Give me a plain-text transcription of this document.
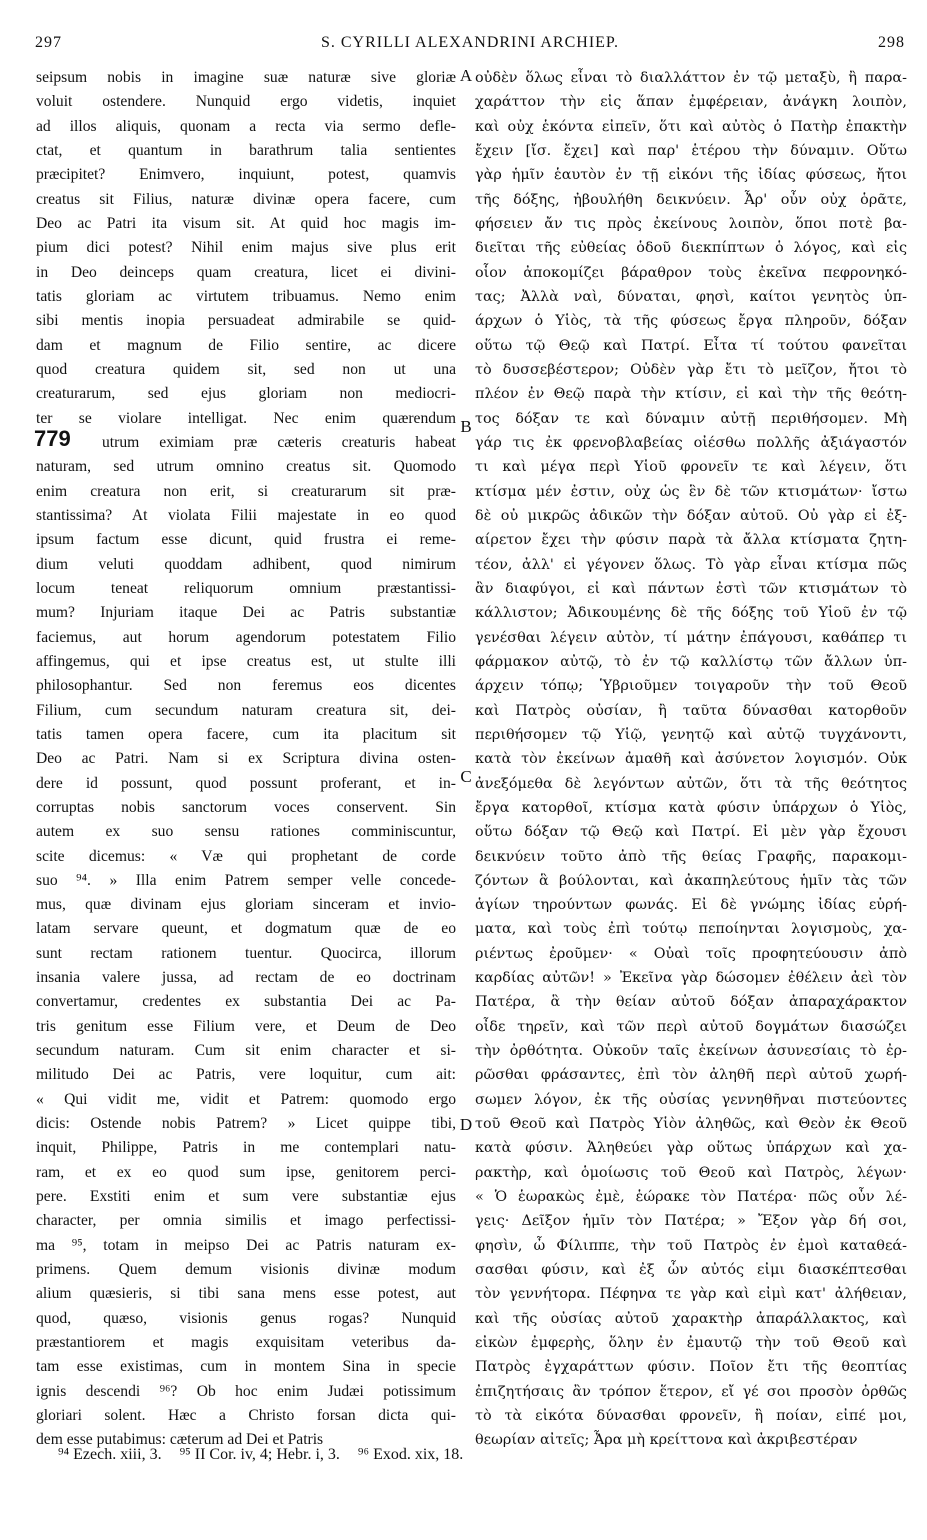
297	S. CYRILLI ALEXANDRINI ARCHIEP.	298
seipsum nobis in imagine suæ naturæ sive gloriæ
voluit ostendere. Nunquid ergo videtis, inquiet
ad illos aliquis, quonam a recta via sermo defle-
ctat, et quantum in barathrum talia sentientes
præcipitet? Enimvero, inquiunt, potest, quamvis
creatus sit Filius, naturæ divinæ opera facere, cum
Deo ac Patri ita visum sit. At quid hoc magis im-
pium dici potest? Nihil enim majus sive plus erit
in Deo deinceps quam creatura, licet ei divini-
tatis gloriam ac virtutem tribuamus. Nemo enim
sibi mentis inopia persuadeat admirabile se quid-
dam et magnum de Filio sentire, ac dicere
quod creatura quidem sit, sed non ut una
creaturarum, sed ejus gloriam non mediocri-
ter se violare intelligat. Nec enim quærendum
utrum eximiam præ cæteris creaturis habeat
naturam, sed utrum omnino creatus sit. Quomodo
enim creatura non erit, si creaturarum sit præ-
stantissima? At violata Filii majestate in eo quod
ipsum factum esse dicunt, quid frustra ei reme-
dium veluti quoddam adhibent, quod nimirum
locum teneat reliquorum omnium præstantissi-
mum? Injuriam itaque Dei ac Patris substantiæ
faciemus, aut horum agendorum potestatem Filio
affingemus, qui et ipse creatus est, ut stulte illi
philosophantur. Sed non feremus eos dicentes
Filium, cum secundum naturam creatura sit, dei-
tatis tamen opera facere, cum ita placitum sit
Deo ac Patri. Nam si ex Scriptura divina osten-
dere id possunt, quod possunt proferant, et in-
corruptas nobis sanctorum voces conservent. Sin
autem ex suo sensu rationes comminiscuntur,
scite dicemus: « Væ qui prophetant de corde
suo ⁹⁴. » Illa enim Patrem semper velle concede-
mus, quæ divinam ejus gloriam sinceram et invio-
latam servare queunt, et dogmatum quæ de eo
sunt rectam rationem tuentur. Quocirca, illorum
insania valere jussa, ad rectam de eo doctrinam
convertamur, credentes ex substantia Dei ac Pa-
tris genitum esse Filium vere, et Deum de Deo
secundum naturam. Cum sit enim character et si-
militudo Dei ac Patris, vere loquitur, cum ait:
« Qui vidit me, vidit et Patrem: quomodo ergo
dicis: Ostende nobis Patrem? » Licet quippe tibi,
inquit, Philippe, Patris in me contemplari natu-
ram, et ex eo quod sum ipse, genitorem perci-
pere. Exstiti enim et sum vere substantiæ ejus
character, per omnia similis et imago perfectissi-
ma ⁹⁵, totam in meipso Dei ac Patris naturam ex-
primens. Quem demum visionis divinæ modum
alium quæsieris, si tibi sana mens esse potest, aut
quod, quæso, visionis genus rogas? Nunquid
præstantiorem et magis exquisitam veteribus da-
tam esse existimas, cum in montem Sina in specie
ignis descendi ⁹⁶? Ob hoc enim Judæi potissimum
gloriari solent. Hæc a Christo forsan dicta qui-
dem esse putabimus: cæterum ad Dei et Patris
οὐδὲν ὅλως εἶναι τὸ διαλλάττον ἐν τῷ μεταξὺ, ἢ παρα-
χαράττον τὴν εἰς ἅπαν ἐμφέρειαν, ἀνάγκη λοιπὸν,
καὶ οὐχ ἑκόντα εἰπεῖν, ὅτι καὶ αὐτὸς ὁ Πατὴρ ἐπακτὴν
ἔχειν [ἴσ. ἔχει] καὶ παρ' ἑτέρου τὴν δύναμιν. Οὕτω
γὰρ ἡμῖν ἑαυτὸν ἐν τῇ εἰκόνι τῆς ἰδίας φύσεως, ἤτοι
τῆς δόξης, ἠβουλήθη δεικνύειν. Ἆρ' οὖν οὐχ ὁρᾶτε,
φήσειεν ἄν τις πρὸς ἐκείνους λοιπὸν, ὅποι ποτὲ βα-
διεῖται τῆς εὐθείας ὁδοῦ διεκπίπτων ὁ λόγος, καὶ εἰς
οἷον ἀποκομίζει βάραθρον τοὺς ἐκεῖνα πεφρονηκό-
τας; Ἀλλὰ ναὶ, δύναται, φησὶ, καίτοι γενητὸς ὑπ-
άρχων ὁ Υἱὸς, τὰ τῆς φύσεως ἔργα πληροῦν, δόξαν
οὕτω τῷ Θεῷ καὶ Πατρί. Εἶτα τί τούτου φανεῖται
τὸ δυσσεβέστερον; Οὐδὲν γὰρ ἔτι τὸ μεῖζον, ἤτοι τὸ
πλέον ἐν Θεῷ παρὰ τὴν κτίσιν, εἰ καὶ τὴν τῆς θεότη-
τος δόξαν τε καὶ δύναμιν αὐτῇ περιθήσομεν. Μὴ
γάρ τις ἐκ φρενοβλαβείας οἰέσθω πολλῆς ἀξιάγαστόν
τι καὶ μέγα περὶ Υἱοῦ φρονεῖν τε καὶ λέγειν, ὅτι
κτίσμα μέν ἐστιν, οὐχ ὡς ἓν δὲ τῶν κτισμάτων· ἴστω
δὲ οὐ μικρῶς ἀδικῶν τὴν δόξαν αὐτοῦ. Οὐ γὰρ εἰ ἐξ-
αίρετον ἔχει τὴν φύσιν παρὰ τὰ ἄλλα κτίσματα ζητη-
τέον, ἀλλ' εἰ γέγονεν ὅλως. Τὸ γὰρ εἶναι κτίσμα πῶς
ἂν διαφύγοι, εἰ καὶ πάντων ἐστὶ τῶν κτισμάτων τὸ
κάλλιστον; Ἀδικουμένης δὲ τῆς δόξης τοῦ Υἱοῦ ἐν τῷ
γενέσθαι λέγειν αὐτὸν, τί μάτην ἐπάγουσι, καθάπερ τι
φάρμακον αὐτῷ, τὸ ἐν τῷ καλλίστῳ τῶν ἄλλων ὑπ-
άρχειν τόπῳ; Ὑβριοῦμεν τοιγαροῦν τὴν τοῦ Θεοῦ
καὶ Πατρὸς οὐσίαν, ἢ ταῦτα δύνασθαι κατορθοῦν
περιθήσομεν τῷ Υἱῷ, γενητῷ καὶ αὐτῷ τυγχάνοντι,
κατὰ τὸν ἐκείνων ἀμαθῆ καὶ ἀσύνετον λογισμόν. Οὐκ
ἀνεξόμεθα δὲ λεγόντων αὐτῶν, ὅτι τὰ τῆς θεότητος
ἔργα κατορθοῖ, κτίσμα κατὰ φύσιν ὑπάρχων ὁ Υἱὸς,
οὕτω δόξαν τῷ Θεῷ καὶ Πατρί. Εἰ μὲν γὰρ ἔχουσι
δεικνύειν τοῦτο ἀπὸ τῆς θείας Γραφῆς, παρακομι-
ζόντων ἃ βούλονται, καὶ ἀκαπηλεύτους ἡμῖν τὰς τῶν
ἁγίων τηρούντων φωνάς. Εἰ δὲ γνώμης ἰδίας εὑρή-
ματα, καὶ τοὺς ἐπὶ τούτῳ πεποίηνται λογισμοὺς, χα-
ριέντως ἐροῦμεν· « Οὐαὶ τοῖς προφητεύουσιν ἀπὸ
καρδίας αὐτῶν! » Ἐκεῖνα γὰρ δώσομεν ἐθέλειν ἀεὶ τὸν
Πατέρα, ἃ τὴν θείαν αὐτοῦ δόξαν ἀπαραχάρακτον
οἶδε τηρεῖν, καὶ τῶν περὶ αὐτοῦ δογμάτων διασώζει
τὴν ὀρθότητα. Οὐκοῦν ταῖς ἐκείνων ἀσυνεσίαις τὸ ἐρ-
ρῶσθαι φράσαντες, ἐπὶ τὸν ἀληθῆ περὶ αὐτοῦ χωρή-
σωμεν λόγον, ἐκ τῆς οὐσίας γεννηθῆναι πιστεύοντες
τοῦ Θεοῦ καὶ Πατρὸς Υἱὸν ἀληθῶς, καὶ Θεὸν ἐκ Θεοῦ
κατὰ φύσιν. Ἀληθεύει γὰρ οὕτως ὑπάρχων καὶ χα-
ρακτὴρ, καὶ ὁμοίωσις τοῦ Θεοῦ καὶ Πατρὸς, λέγων·
« Ὁ ἑωρακὼς ἐμὲ, ἑώρακε τὸν Πατέρα· πῶς οὖν λέ-
γεις· Δεῖξον ἡμῖν τὸν Πατέρα; » Ἔξον γὰρ δή σοι,
φησὶν, ὦ Φίλιππε, τὴν τοῦ Πατρὸς ἐν ἐμοὶ καταθεά-
σασθαι φύσιν, καὶ ἐξ ὧν αὐτός εἰμι διασκέπτεσθαι
τὸν γεννήτορα. Πέφηνα τε γὰρ καὶ εἰμὶ κατ' ἀλήθειαν,
καὶ τῆς οὐσίας αὐτοῦ χαρακτὴρ ἀπαράλλακτος, καὶ
εἰκὼν ἐμφερὴς, ὅλην ἐν ἐμαυτῷ τὴν τοῦ Θεοῦ καὶ
Πατρὸς ἐγχαράττων φύσιν. Ποῖον ἔτι τῆς θεοπτίας
ἐπιζητήσαις ἂν τρόπον ἕτερον, εἴ γέ σοι προσὸν ὀρθῶς
τὸ τὰ εἰκότα δύνασθαι φρονεῖν, ἢ ποίαν, εἰπέ μοι,
θεωρίαν αἰτεῖς; Ἆρα μὴ κρείττονα καὶ ἀκριβεστέραν
A
B
C
D
779
⁹⁴ Ezech. xiii, 3. ⁹⁵ II Cor. iv, 4; Hebr. i, 3. ⁹⁶ Exod. xix, 18.
